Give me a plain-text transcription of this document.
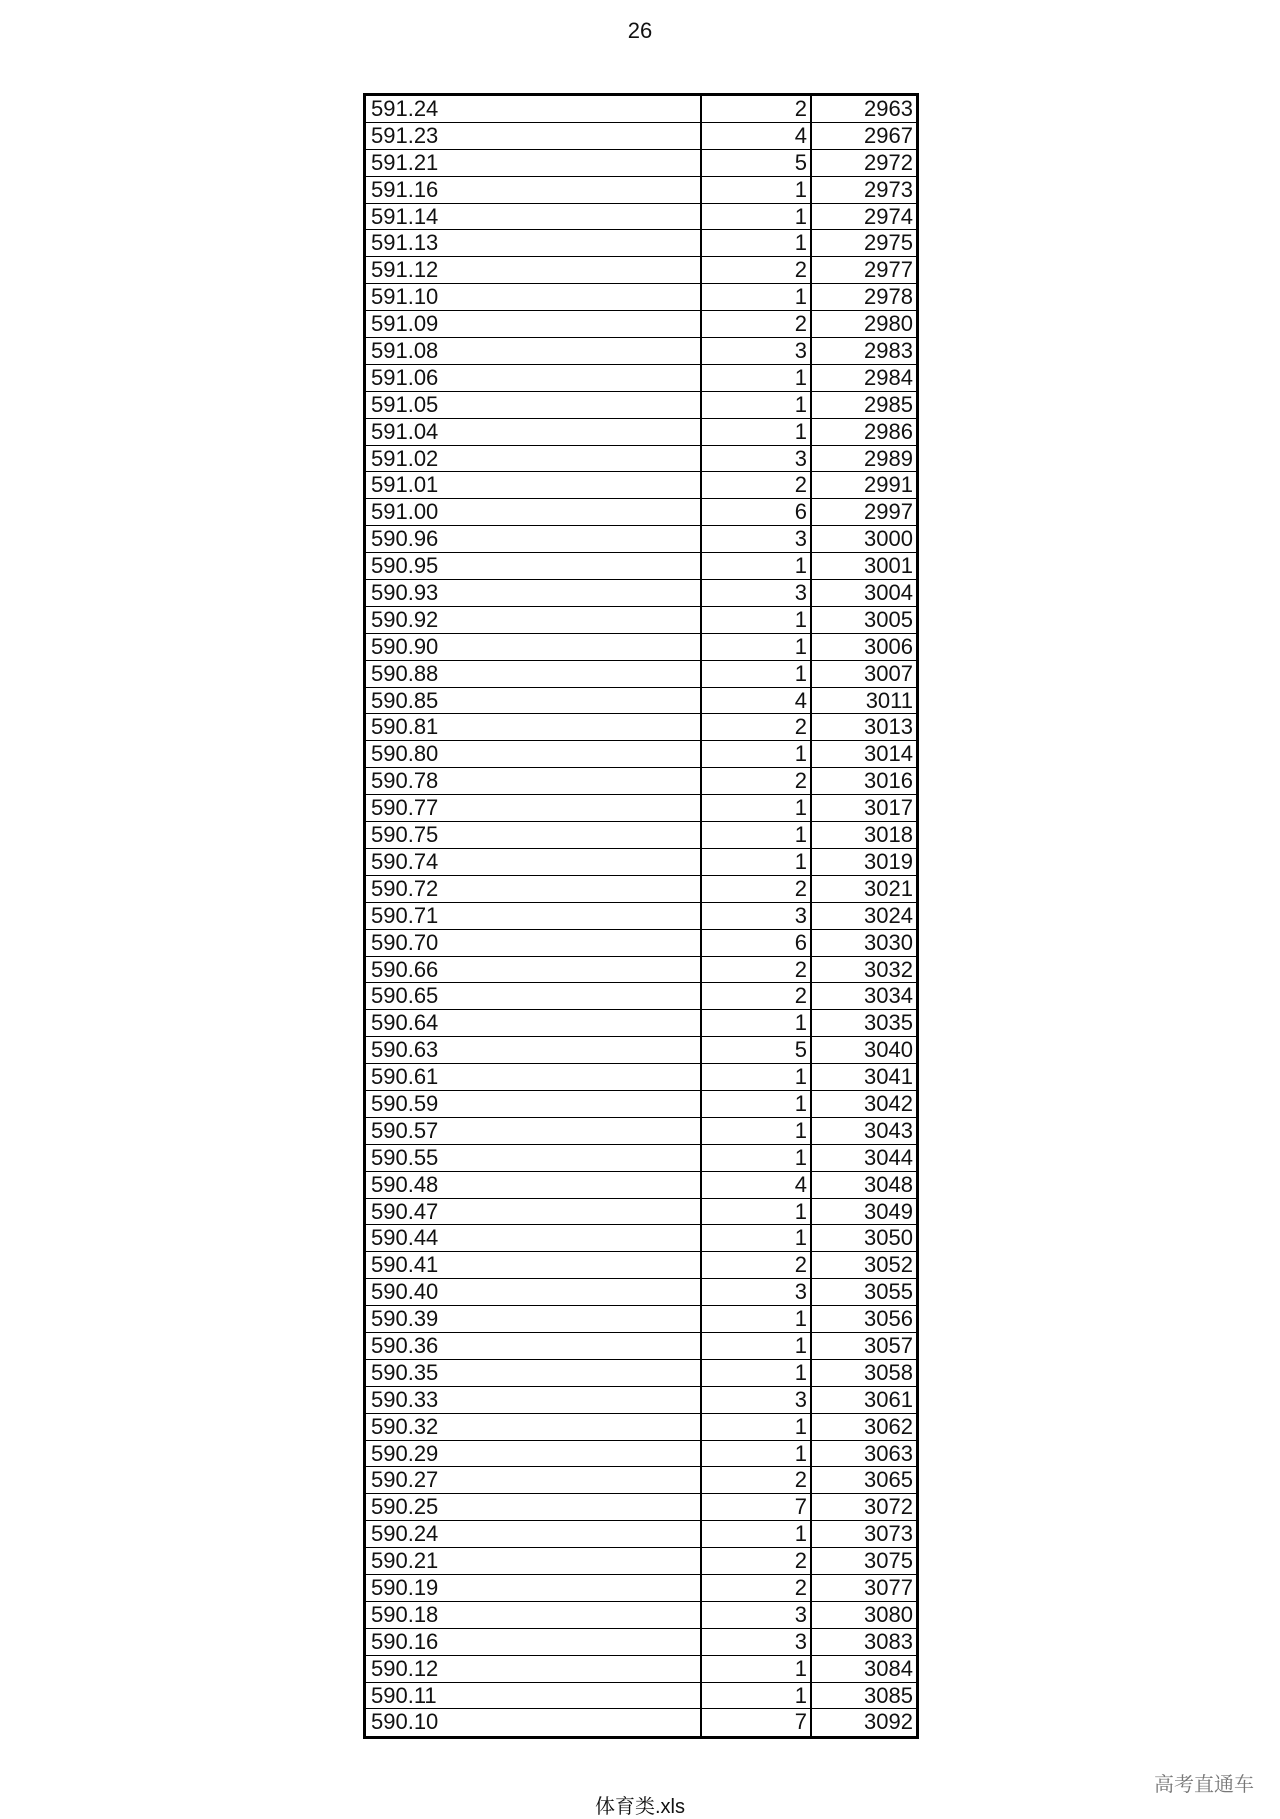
26
591.24	2	2963
591.23	4	2967
591.21	5	2972
591.16	1	2973
591.14	1	2974
591.13	1	2975
591.12	2	2977
591.10	1	2978
591.09	2	2980
591.08	3	2983
591.06	1	2984
591.05	1	2985
591.04	1	2986
591.02	3	2989
591.01	2	2991
591.00	6	2997
590.96	3	3000
590.95	1	3001
590.93	3	3004
590.92	1	3005
590.90	1	3006
590.88	1	3007
590.85	4	3011
590.81	2	3013
590.80	1	3014
590.78	2	3016
590.77	1	3017
590.75	1	3018
590.74	1	3019
590.72	2	3021
590.71	3	3024
590.70	6	3030
590.66	2	3032
590.65	2	3034
590.64	1	3035
590.63	5	3040
590.61	1	3041
590.59	1	3042
590.57	1	3043
590.55	1	3044
590.48	4	3048
590.47	1	3049
590.44	1	3050
590.41	2	3052
590.40	3	3055
590.39	1	3056
590.36	1	3057
590.35	1	3058
590.33	3	3061
590.32	1	3062
590.29	1	3063
590.27	2	3065
590.25	7	3072
590.24	1	3073
590.21	2	3075
590.19	2	3077
590.18	3	3080
590.16	3	3083
590.12	1	3084
590.11	1	3085
590.10	7	3092
体育类.xls
高考直通车
